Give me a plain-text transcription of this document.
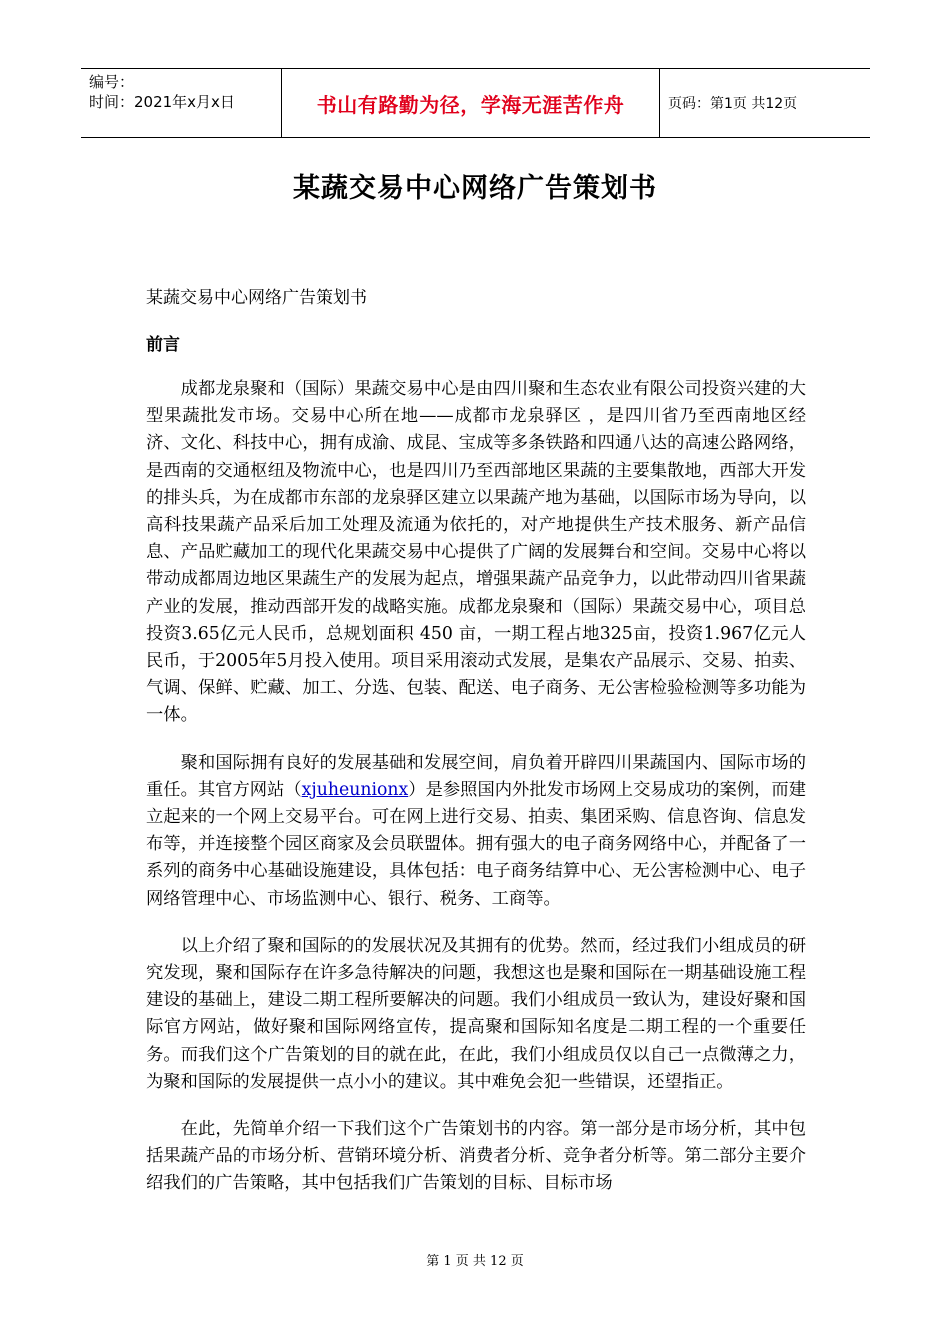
编号：
时间：2021年x月x日	书山有路勤为径，学海无涯苦作舟	页码：第1页 共12页
某蔬交易中心网络广告策划书
某蔬交易中心网络广告策划书
前言

成都龙泉聚和（国际）果蔬交易中心是由四川聚和生态农业有限公司投资兴建的大型果蔬批发市场。交易中心所在地——成都市龙泉驿区 ，是四川省乃至西南地区经济、文化、科技中心，拥有成渝、成昆、宝成等多条铁路和四通八达的高速公路网络，是西南的交通枢纽及物流中心，也是四川乃至西部地区果蔬的主要集散地，西部大开发的排头兵，为在成都市东部的龙泉驿区建立以果蔬产地为基础，以国际市场为导向，以高科技果蔬产品采后加工处理及流通为依托的，对产地提供生产技术服务、新产品信息、产品贮藏加工的现代化果蔬交易中心提供了广阔的发展舞台和空间。交易中心将以带动成都周边地区果蔬生产的发展为起点，增强果蔬产品竞争力，以此带动四川省果蔬产业的发展，推动西部开发的战略实施。成都龙泉聚和（国际）果蔬交易中心，项目总投资3.65亿元人民币，总规划面积 450 亩，一期工程占地325亩，投资1.967亿元人民币，于2005年5月投入使用。项目采用滚动式发展，是集农产品展示、交易、拍卖、气调、保鲜、贮藏、加工、分选、包装、配送、电子商务、无公害检验检测等多功能为一体。

聚和国际拥有良好的发展基础和发展空间，肩负着开辟四川果蔬国内、国际市场的重任。其官方网站（xjuheunionx）是参照国内外批发市场网上交易成功的案例，而建立起来的一个网上交易平台。可在网上进行交易、拍卖、集团采购、信息咨询、信息发布等，并连接整个园区商家及会员联盟体。拥有强大的电子商务网络中心，并配备了一系列的商务中心基础设施建设，具体包括：电子商务结算中心、无公害检测中心、电子网络管理中心、市场监测中心、银行、税务、工商等。

以上介绍了聚和国际的的发展状况及其拥有的优势。然而，经过我们小组成员的研究发现，聚和国际存在许多急待解决的问题，我想这也是聚和国际在一期基础设施工程建设的基础上，建设二期工程所要解决的问题。我们小组成员一致认为，建设好聚和国际官方网站，做好聚和国际网络宣传，提高聚和国际知名度是二期工程的一个重要任务。而我们这个广告策划的目的就在此，在此，我们小组成员仅以自己一点微薄之力，为聚和国际的发展提供一点小小的建议。其中难免会犯一些错误，还望指正。

在此，先简单介绍一下我们这个广告策划书的内容。第一部分是市场分析，其中包括果蔬产品的市场分析、营销环境分析、消费者分析、竞争者分析等。第二部分主要介绍我们的广告策略，其中包括我们广告策划的目标、目标市场

第 1 页 共 12 页
